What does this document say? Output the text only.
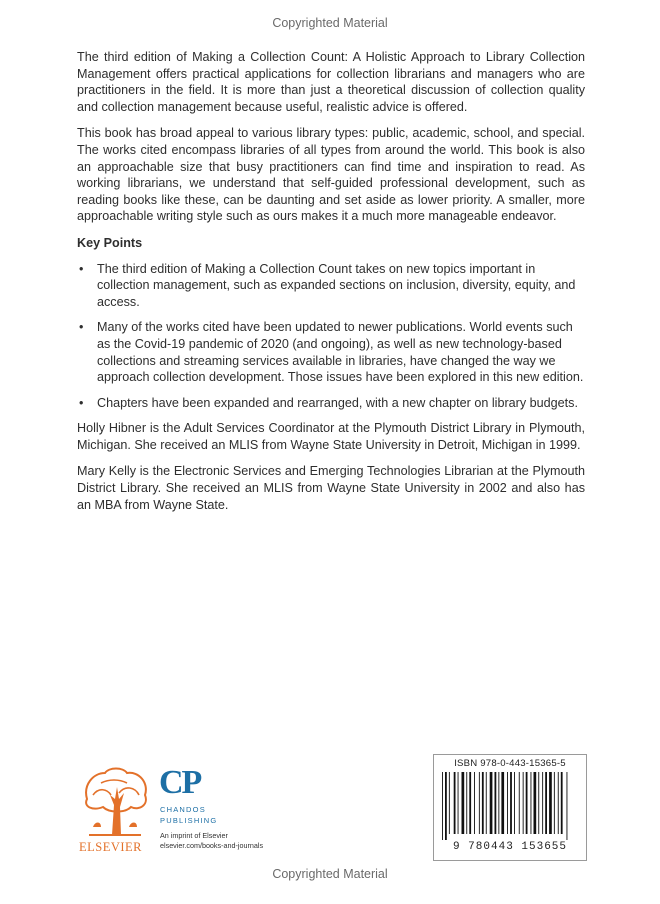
Copyrighted Material

The third edition of Making a Collection Count: A Holistic Approach to Library Collection Management offers practical applications for collection librarians and managers who are practitioners in the field. It is more than just a theoretical discussion of collection quality and collection management because useful, realistic advice is offered.

This book has broad appeal to various library types: public, academic, school, and special. The works cited encompass libraries of all types from around the world. This book is also an approachable size that busy practitioners can find time and inspiration to read. As working librarians, we understand that self-guided professional development, such as reading books like these, can be daunting and set aside as lower priority. A smaller, more approachable writing style such as ours makes it a much more manageable endeavor.

Key Points
• The third edition of Making a Collection Count takes on new topics important in collection management, such as expanded sections on inclusion, diversity, equity, and access.
• Many of the works cited have been updated to newer publications. World events such as the Covid-19 pandemic of 2020 (and ongoing), as well as new technology-based collections and streaming services available in libraries, have changed the way we approach collection development. Those issues have been explored in this new edition.
• Chapters have been expanded and rearranged, with a new chapter on library budgets.

Holly Hibner is the Adult Services Coordinator at the Plymouth District Library in Plymouth, Michigan. She received an MLIS from Wayne State University in Detroit, Michigan in 1999.

Mary Kelly is the Electronic Services and Emerging Technologies Librarian at the Plymouth District Library. She received an MLIS from Wayne State University in 2002 and also has an MBA from Wayne State.

ELSEVIER
CP
CHANDOS
PUBLISHING
An imprint of Elsevier
elsevier.com/books-and-journals
ISBN 978-0-443-15365-5
9 780443 153655
Copyrighted Material
